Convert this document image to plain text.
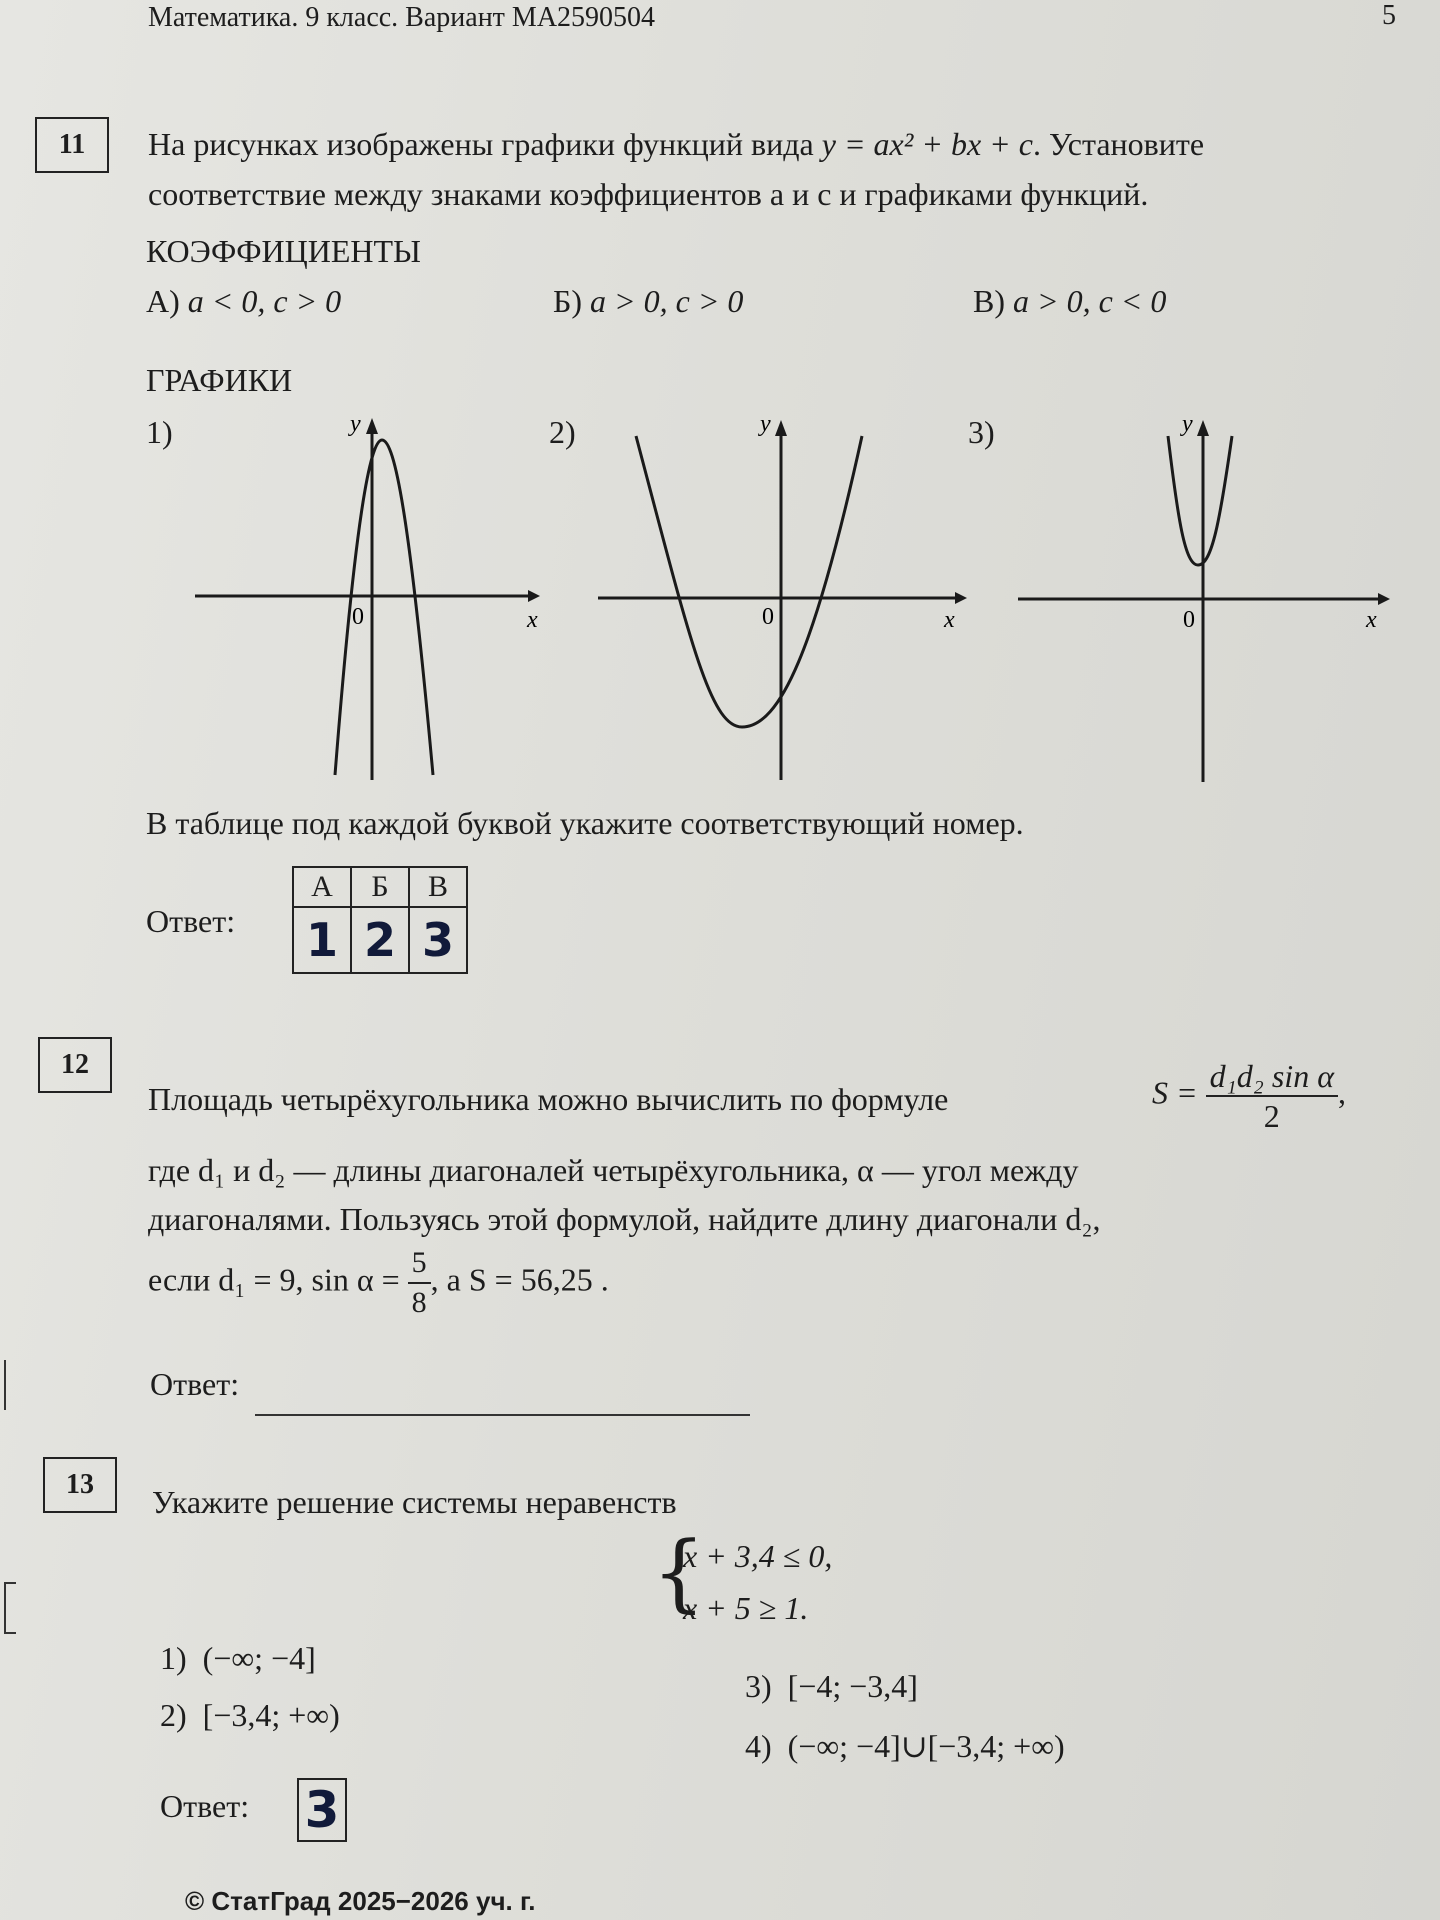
Математика. 9 класс. Вариант МА2590504	5
11	На рисунках изображены графики функций вида y = ax² + bx + c. Установите
соответствие между знаками коэффициентов a и c и графиками функций.
КОЭФФИЦИЕНТЫ
А) a < 0, c > 0	Б) a > 0, c > 0	В) a > 0, c < 0
ГРАФИКИ
1)	2)	3)
y
x
0
y
x
0
y
x
0
В таблице под каждой буквой укажите соответствующий номер.
Ответ:
А	Б	В
1	2	3
12
Площадь четырёхугольника можно вычислить по формуле	$S = \frac{\text{d₁d₂ sin α}}{2}$ ,
где d₁ и d₂ — длины диагоналей четырёхугольника, α — угол между
диагоналями. Пользуясь этой формулой, найдите длину диагонали d₂,
если d₁ = 9, $\sin \alpha = \frac{5}{8}$ , а S = 56,25 .
Ответ:
13	Укажите решение системы неравенств
{
x + 3,4 ≤ 0,
x + 5 ≥ 1.
1) (−∞; −4]
2) [−3,4; +∞)
3) [−4; −3,4]
4) (−∞; −4]∪[−3,4; +∞)
Ответ: 3
© СтатГрад 2025−2026 уч. г.
